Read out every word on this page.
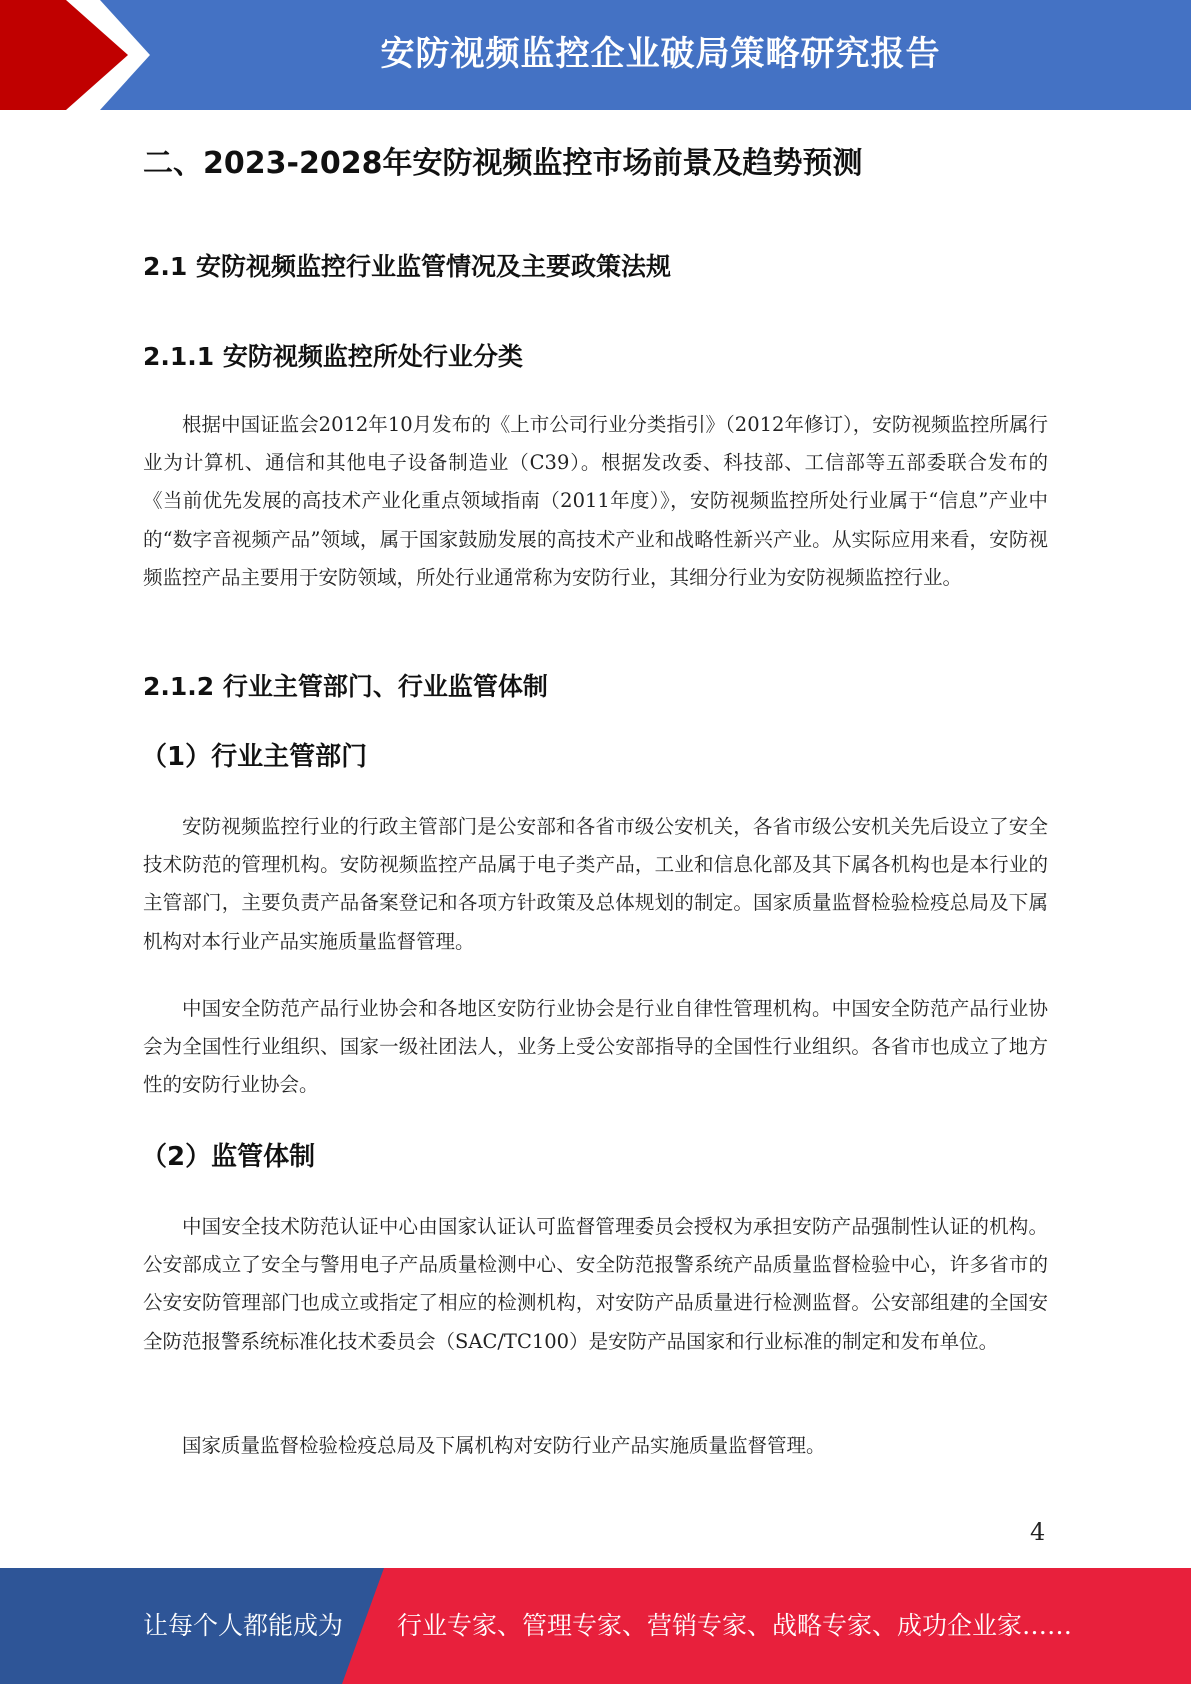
安防视频监控企业破局策略研究报告
二、2023-2028年安防视频监控市场前景及趋势预测
2.1 安防视频监控行业监管情况及主要政策法规
2.1.1 安防视频监控所处行业分类

根据中国证监会2012年10月发布的《上市公司行业分类指引》（2012年修订），安防视频监控所属行业为计算机、通信和其他电子设备制造业（C39）。根据发改委、科技部、工信部等五部委联合发布的《当前优先发展的高技术产业化重点领域指南（2011年度）》，安防视频监控所处行业属于“信息”产业中的“数字音视频产品”领域，属于国家鼓励发展的高技术产业和战略性新兴产业。从实际应用来看，安防视频监控产品主要用于安防领域，所处行业通常称为安防行业，其细分行业为安防视频监控行业。

2.1.2 行业主管部门、行业监管体制
（1）行业主管部门

安防视频监控行业的行政主管部门是公安部和各省市级公安机关，各省市级公安机关先后设立了安全技术防范的管理机构。安防视频监控产品属于电子类产品，工业和信息化部及其下属各机构也是本行业的主管部门，主要负责产品备案登记和各项方针政策及总体规划的制定。国家质量监督检验检疫总局及下属机构对本行业产品实施质量监督管理。

中国安全防范产品行业协会和各地区安防行业协会是行业自律性管理机构。中国安全防范产品行业协会为全国性行业组织、国家一级社团法人，业务上受公安部指导的全国性行业组织。各省市也成立了地方性的安防行业协会。

（2）监管体制

中国安全技术防范认证中心由国家认证认可监督管理委员会授权为承担安防产品强制性认证的机构。公安部成立了安全与警用电子产品质量检测中心、安全防范报警系统产品质量监督检验中心，许多省市的公安安防管理部门也成立或指定了相应的检测机构，对安防产品质量进行检测监督。公安部组建的全国安全防范报警系统标准化技术委员会（SAC/TC100）是安防产品国家和行业标准的制定和发布单位。

国家质量监督检验检疫总局及下属机构对安防行业产品实施质量监督管理。

4
让每个人都能成为 行业专家、管理专家、营销专家、战略专家、成功企业家……
